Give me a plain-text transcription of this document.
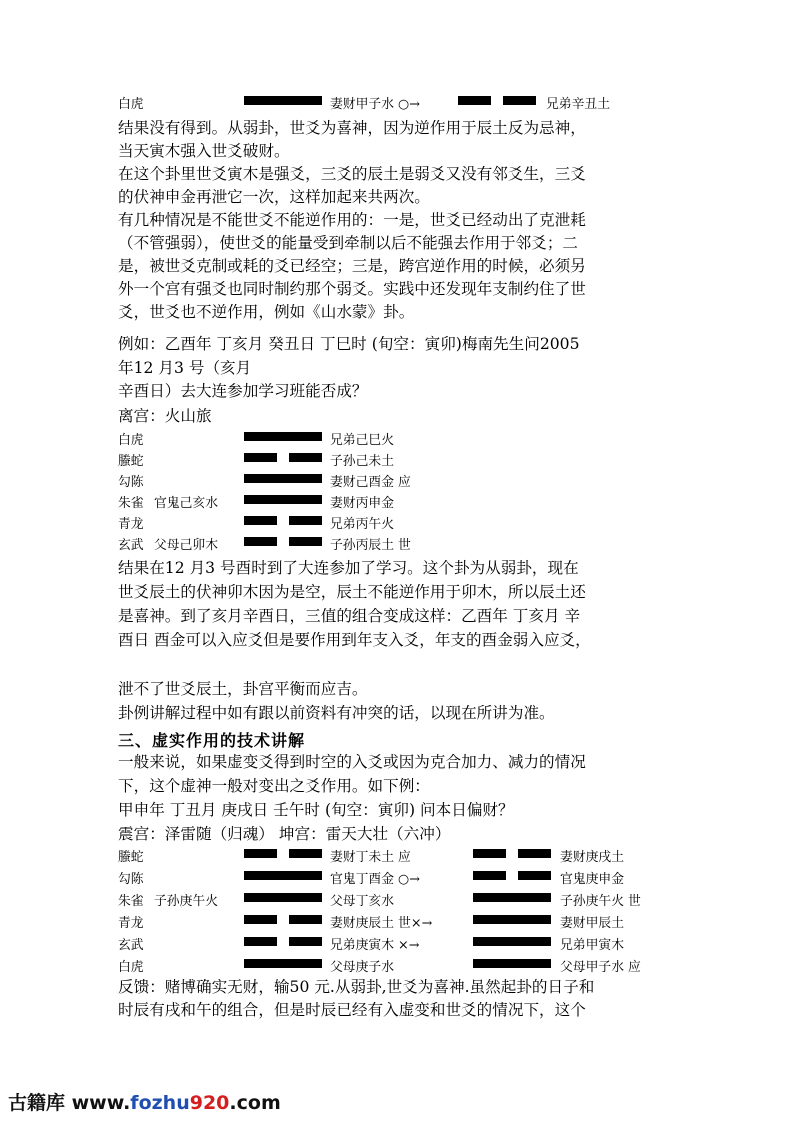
白虎	妻财甲子水 ○→	兄弟辛丑土
结果没有得到。从弱卦，世爻为喜神，因为逆作用于辰土反为忌神，
当天寅木强入世爻破财。
在这个卦里世爻寅木是强爻，三爻的辰土是弱爻又没有邻爻生，三爻
的伏神申金再泄它一次，这样加起来共两次。
有几种情况是不能世爻不能逆作用的：一是，世爻已经动出了克泄耗
（不管强弱），使世爻的能量受到牵制以后不能强去作用于邻爻；二
是，被世爻克制或耗的爻已经空；三是，跨宫逆作用的时候，必须另
外一个宫有强爻也同时制约那个弱爻。实践中还发现年支制约住了世
爻，世爻也不逆作用，例如《山水蒙》卦。
例如：乙酉年 丁亥月 癸丑日 丁巳时 (旬空：寅卯)梅南先生问2005
年12 月3 号（亥月
辛酉日）去大连参加学习班能否成？
离宫：火山旅
白虎	兄弟己巳火
螣蛇	子孙己未土
勾陈	妻财己酉金 应
朱雀 官鬼己亥水	妻财丙申金
青龙	兄弟丙午火
玄武 父母己卯木	子孙丙辰土 世
结果在12 月3 号酉时到了大连参加了学习。这个卦为从弱卦，现在
世爻辰土的伏神卯木因为是空，辰土不能逆作用于卯木，所以辰土还
是喜神。到了亥月辛酉日，三值的组合变成这样：乙酉年 丁亥月 辛
酉日 酉金可以入应爻但是要作用到年支入爻，年支的酉金弱入应爻，
泄不了世爻辰土，卦宫平衡而应吉。
卦例讲解过程中如有跟以前资料有冲突的话，以现在所讲为准。
三、虚实作用的技术讲解
一般来说，如果虚变爻得到时空的入爻或因为克合加力、减力的情况
下，这个虚神一般对变出之爻作用。如下例：
甲申年 丁丑月 庚戌日 壬午时 (旬空：寅卯) 问本日偏财？
震宫：泽雷随（归魂） 坤宫：雷天大壮（六冲）
螣蛇	妻财丁未土 应	妻财庚戌土
勾陈	官鬼丁酉金 ○→	官鬼庚申金
朱雀 子孙庚午火	父母丁亥水	子孙庚午火 世
青龙	妻财庚辰土 世×→	妻财甲辰土
玄武	兄弟庚寅木 ×→	兄弟甲寅木
白虎	父母庚子水	父母甲子水 应
反馈：赌博确实无财，输50 元.从弱卦,世爻为喜神.虽然起卦的日子和
时辰有戌和午的组合，但是时辰已经有入虚变和世爻的情况下，这个
古籍库 www.fozhu920.com
